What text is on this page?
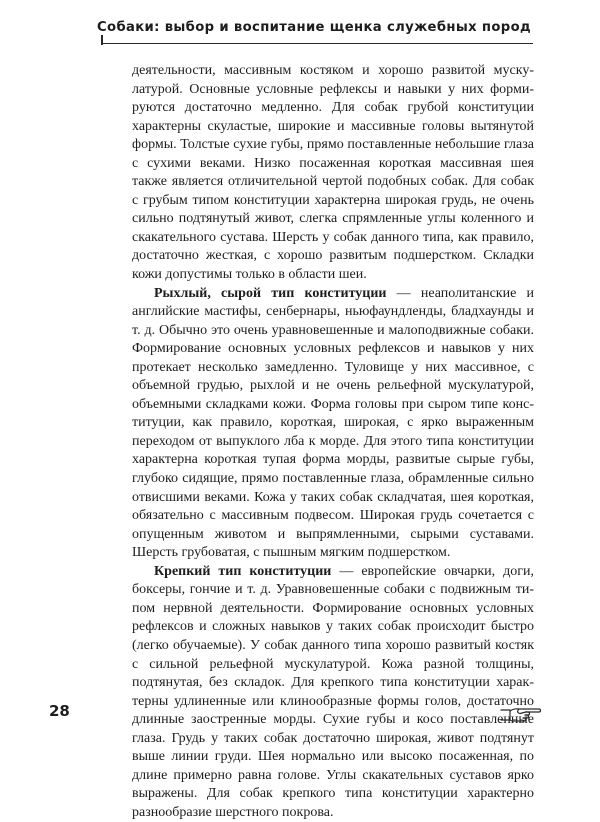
Собаки: выбор и воспитание щенка служебных пород

деятельности, массивным костяком и хорошо развитой мускулатурой. Основные условные рефлексы и навыки у них формируются достаточно медленно. Для собак грубой конституции характерны скуластые, широкие и массивные головы вытянутой формы. Толстые сухие губы, прямо поставленные небольшие глаза с сухими веками. Низко посаженная короткая массивная шея также является отличительной чертой подобных собак. Для собак с грубым типом конституции характерна широкая грудь, не очень сильно подтянутый живот, слегка спрямленные углы коленного и скакательного сустава. Шерсть у собак данного типа, как правило, достаточно жесткая, с хорошо развитым подшерстком. Складки кожи допустимы только в области шеи.

Рыхлый, сырой тип конституции — неаполитанские и английские мастифы, сенбернары, ньюфаундленды, бладхаунды и т. д. Обычно это очень уравновешенные и малоподвижные собаки. Формирование основных условных рефлексов и навыков у них протекает несколько замедленно. Туловище у них массивное, с объемной грудью, рыхлой и не очень рельефной мускулатурой, объемными складками кожи. Форма головы при сыром типе конституции, как правило, короткая, широкая, с ярко выраженным переходом от выпуклого лба к морде. Для этого типа конституции характерна короткая тупая форма морды, развитые сырые губы, глубоко сидящие, прямо поставленные глаза, обрамленные сильно отвисшими веками. Кожа у таких собак складчатая, шея короткая, обязательно с массивным подвесом. Широкая грудь сочетается с опущенным животом и выпрямленными, сырыми суставами. Шерсть грубоватая, с пышным мягким подшерстком.

Крепкий тип конституции — европейские овчарки, доги, боксеры, гончие и т. д. Уравновешенные собаки с подвижным типом нервной деятельности. Формирование основных условных рефлексов и сложных навыков у таких собак происходит быстро (легко обучаемые). У собак данного типа хорошо развитый костяк с сильной рельефной мускулатурой. Кожа разной толщины, подтянутая, без складок. Для крепкого типа конституции характерны удлиненные или клинообразные формы голов, достаточно длинные заостренные морды. Сухие губы и косо поставленные глаза. Грудь у таких собак достаточно широкая, живот подтянут выше линии груди. Шея нормально или высоко посаженная, по длине примерно равна голове. Углы скакательных суставов ярко выражены. Для собак крепкого типа конституции характерно разнообразие шерстного покрова.

28
